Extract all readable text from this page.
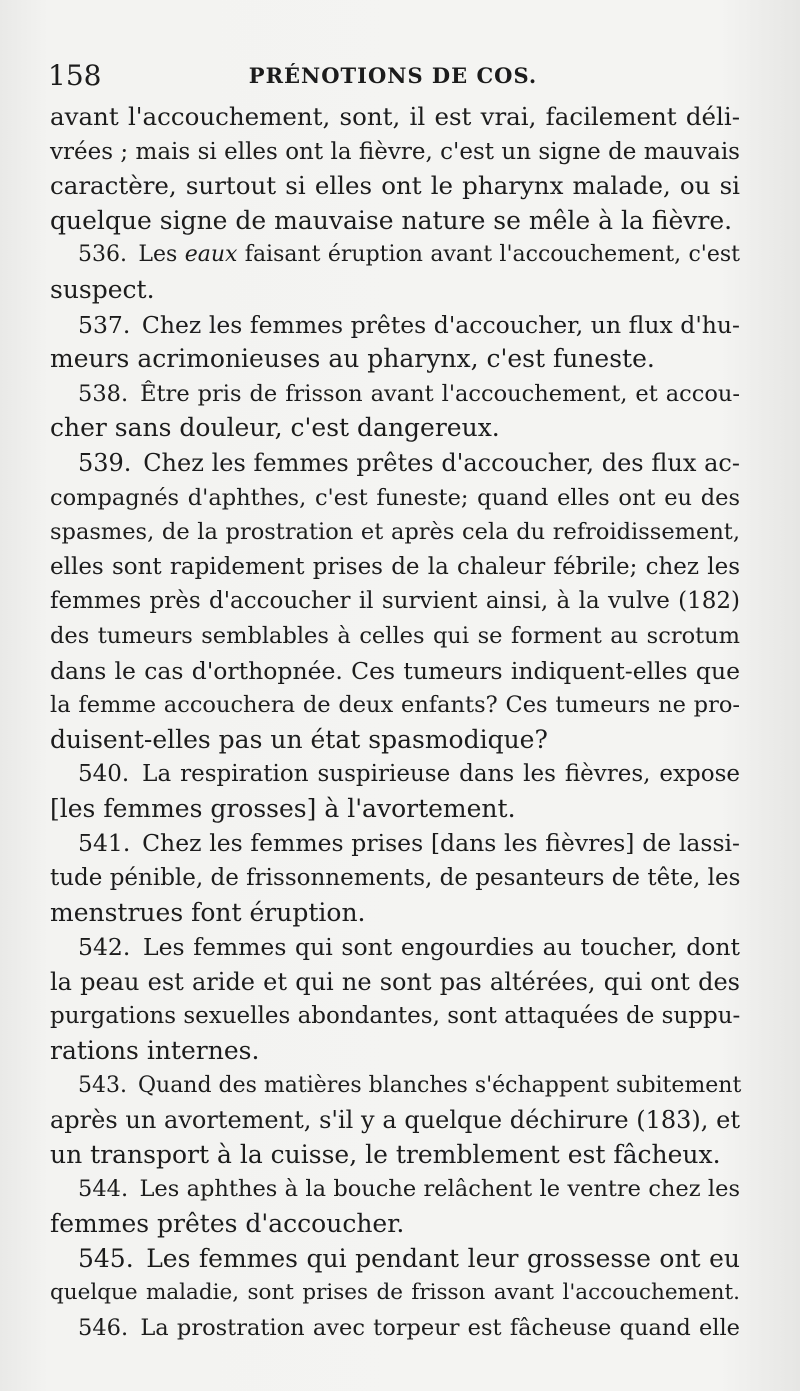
158	PRÉNOTIONS DE COS.
avant l'accouchement, sont, il est vrai, facilement déli-
vrées ; mais si elles ont la fièvre, c'est un signe de mauvais
caractère, surtout si elles ont le pharynx malade, ou si
quelque signe de mauvaise nature se mêle à la fièvre.
536. Les eaux faisant éruption avant l'accouchement, c'est
suspect.
537. Chez les femmes prêtes d'accoucher, un flux d'hu-
meurs acrimonieuses au pharynx, c'est funeste.
538. Être pris de frisson avant l'accouchement, et accou-
cher sans douleur, c'est dangereux.
539. Chez les femmes prêtes d'accoucher, des flux ac-
compagnés d'aphthes, c'est funeste; quand elles ont eu des
spasmes, de la prostration et après cela du refroidissement,
elles sont rapidement prises de la chaleur fébrile; chez les
femmes près d'accoucher il survient ainsi, à la vulve (182)
des tumeurs semblables à celles qui se forment au scrotum
dans le cas d'orthopnée. Ces tumeurs indiquent-elles que
la femme accouchera de deux enfants? Ces tumeurs ne pro-
duisent-elles pas un état spasmodique?
540. La respiration suspirieuse dans les fièvres, expose
[les femmes grosses] à l'avortement.
541. Chez les femmes prises [dans les fièvres] de lassi-
tude pénible, de frissonnements, de pesanteurs de tête, les
menstrues font éruption.
542. Les femmes qui sont engourdies au toucher, dont
la peau est aride et qui ne sont pas altérées, qui ont des
purgations sexuelles abondantes, sont attaquées de suppu-
rations internes.
543. Quand des matières blanches s'échappent subitement
après un avortement, s'il y a quelque déchirure (183), et
un transport à la cuisse, le tremblement est fâcheux.
544. Les aphthes à la bouche relâchent le ventre chez les
femmes prêtes d'accoucher.
545. Les femmes qui pendant leur grossesse ont eu
quelque maladie, sont prises de frisson avant l'accouchement.
546. La prostration avec torpeur est fâcheuse quand elle
